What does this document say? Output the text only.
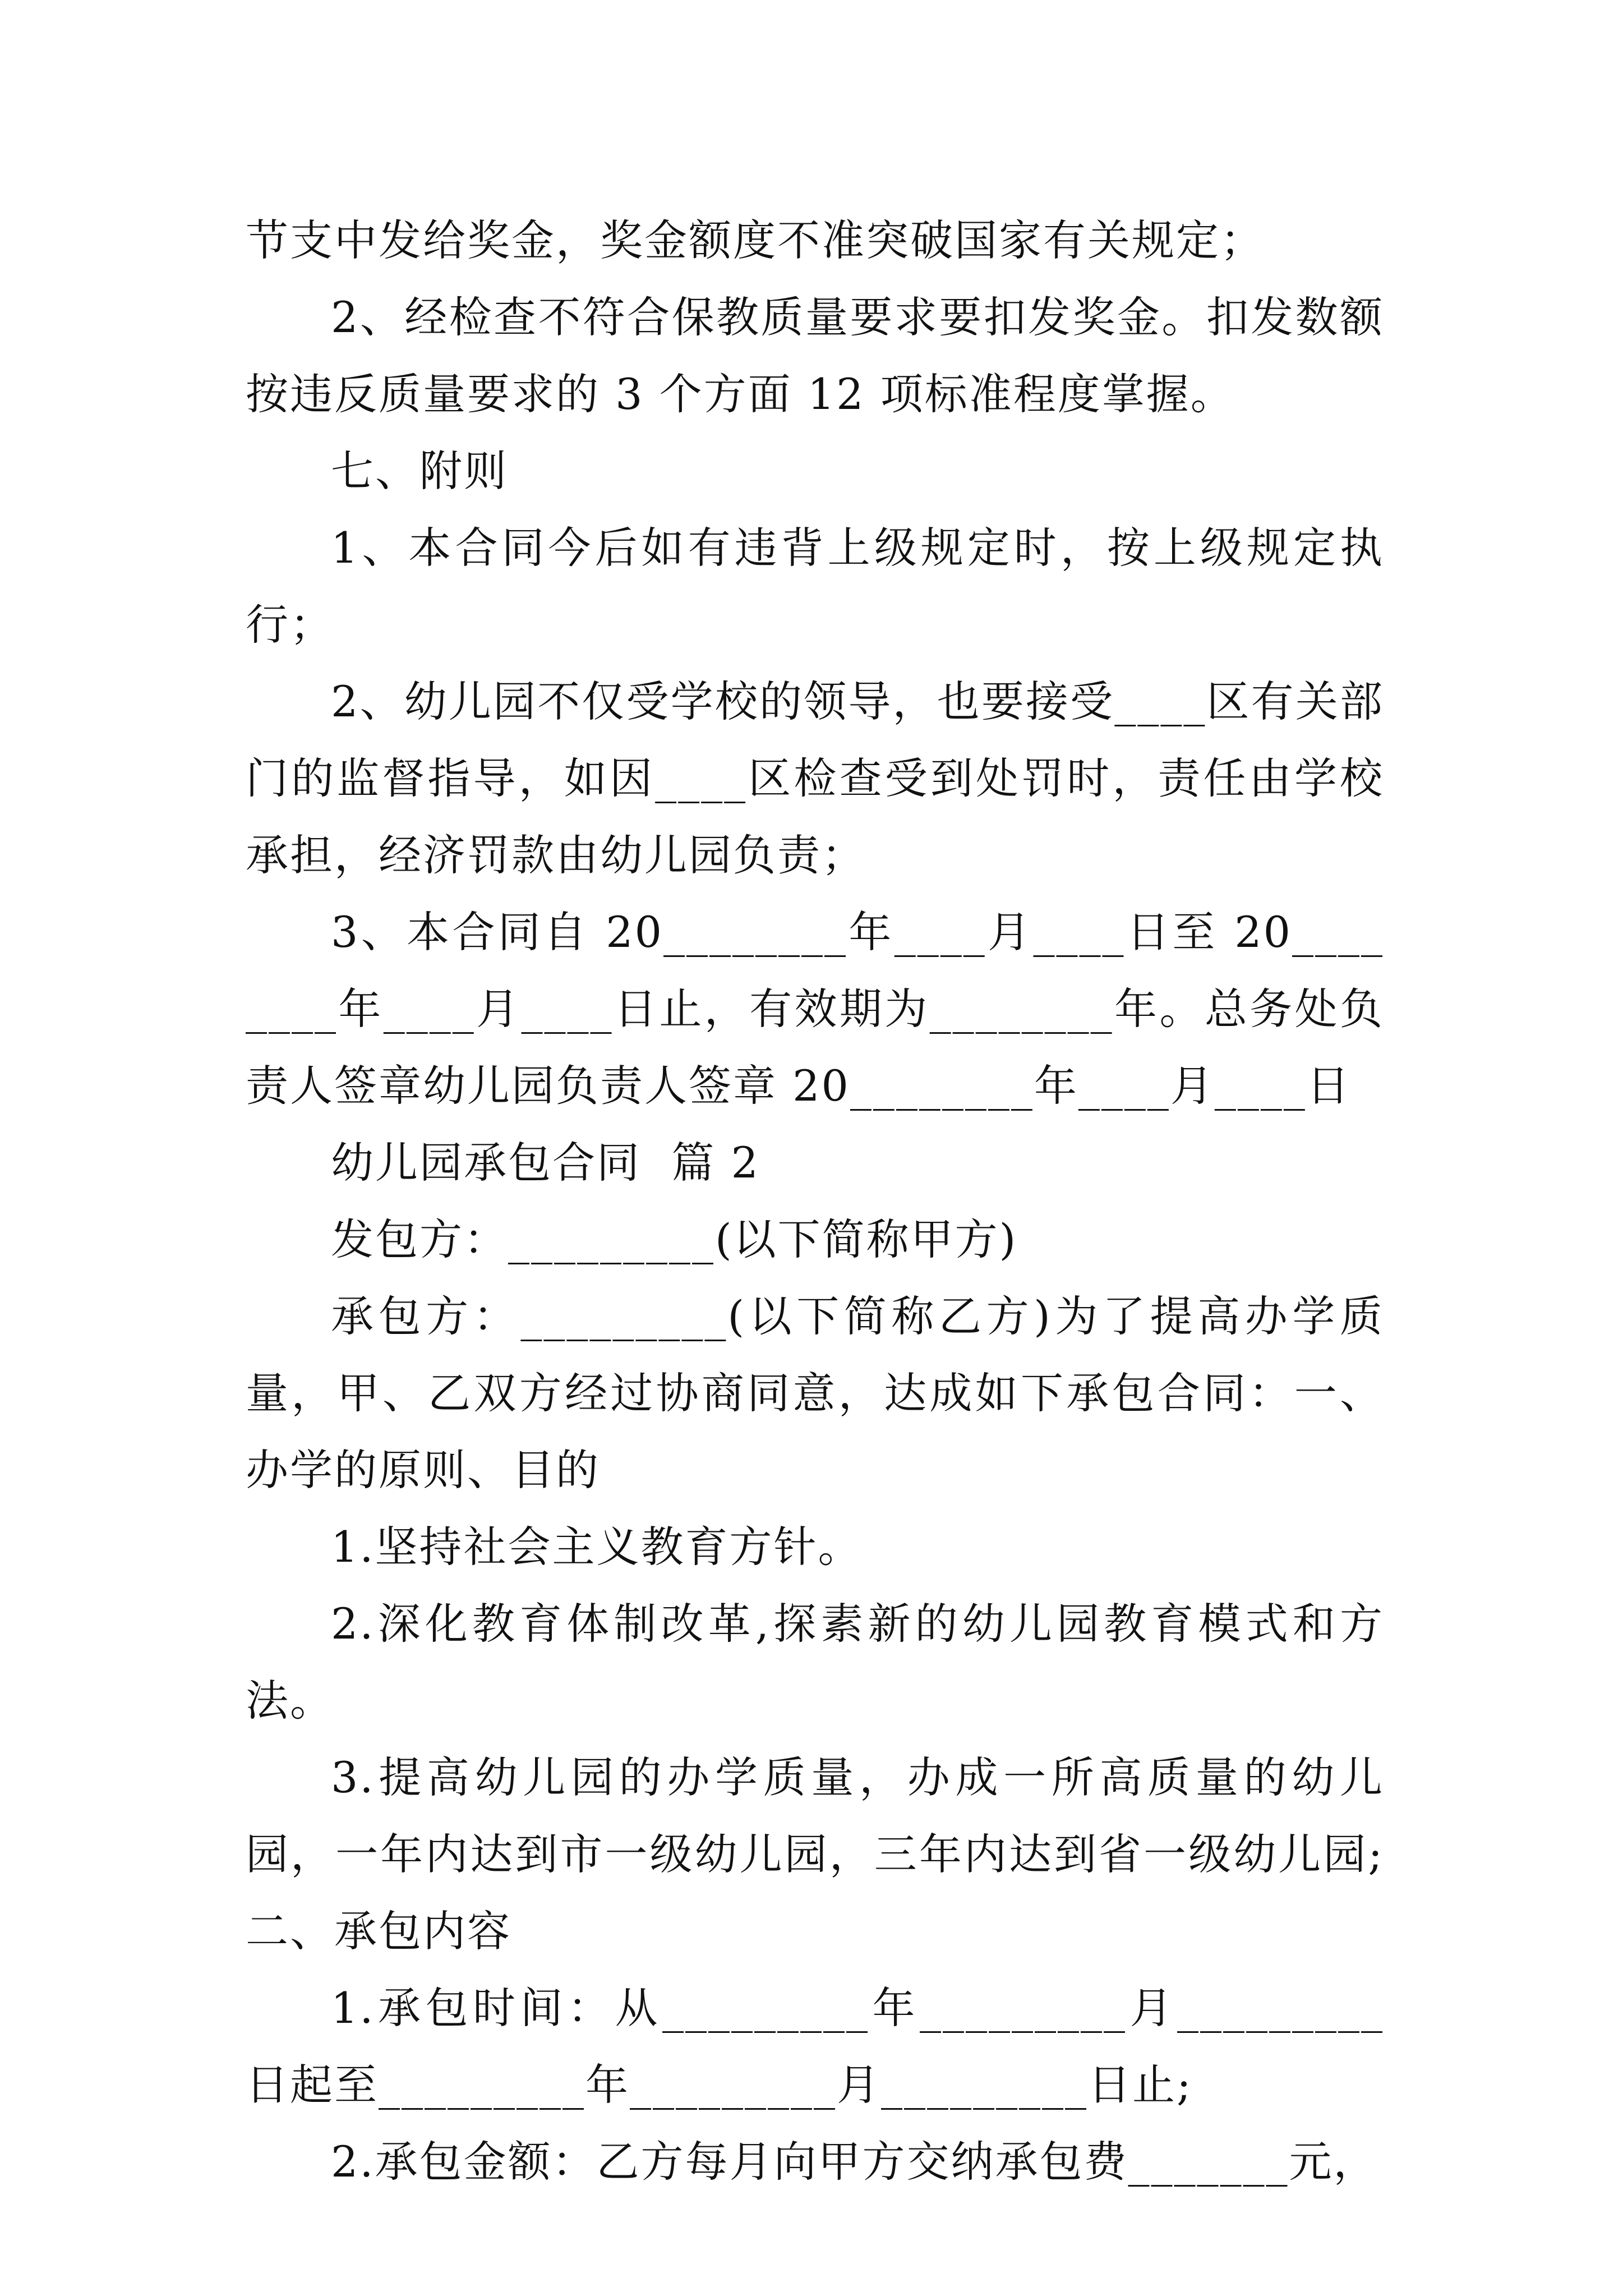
节支中发给奖金，奖金额度不准突破国家有关规定；

2、经检查不符合保教质量要求要扣发奖金。扣发数额按违反质量要求的 3 个方面 12 项标准程度掌握。

七、附则

1、本合同今后如有违背上级规定时，按上级规定执行；

2、幼儿园不仅受学校的领导，也要接受____区有关部门的监督指导，如因____区检查受到处罚时，责任由学校承担，经济罚款由幼儿园负责；

3、本合同自 20________年____月____日至 20________年____月____日止，有效期为________年。总务处负责人签章幼儿园负责人签章 20________年____月____日

幼儿园承包合同  篇 2

发包方：_________(以下简称甲方)

承包方：_________(以下简称乙方)为了提高办学质量，甲、乙双方经过协商同意，达成如下承包合同：一、办学的原则、目的

1.坚持社会主义教育方针。

2.深化教育体制改革,探素新的幼儿园教育模式和方法。

3.提高幼儿园的办学质量，办成一所高质量的幼儿园，一年内达到市一级幼儿园，三年内达到省一级幼儿园;二、承包内容

1.承包时间：从_________年_________月_________日起至_________年_________月_________日止;

2.承包金额：乙方每月向甲方交纳承包费_______元，
